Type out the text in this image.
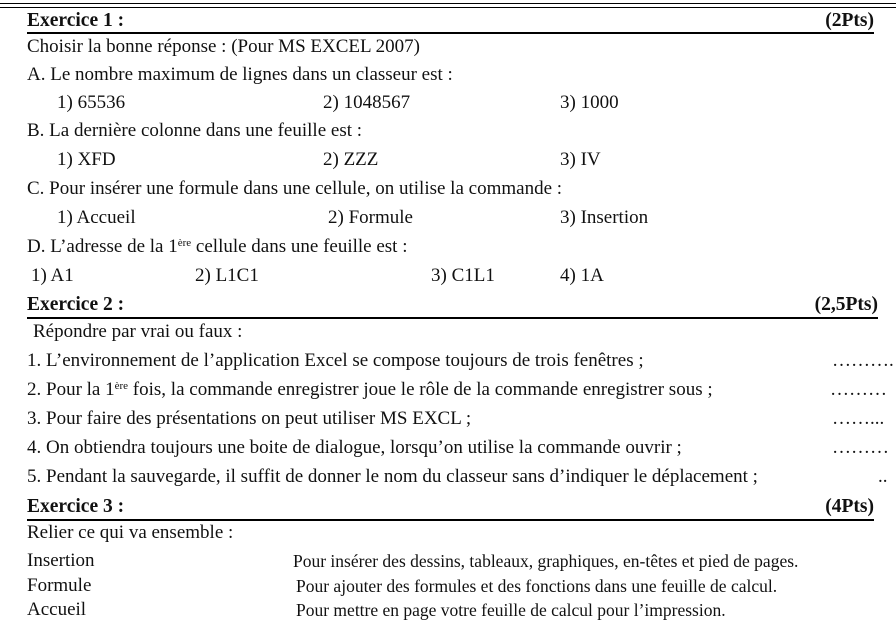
Exercice 1 :	(2Pts)
Choisir la bonne réponse : (Pour MS EXCEL 2007)
A. Le nombre maximum de lignes dans un classeur est :
1) 65536	2) 1048567	3) 1000
B. La dernière colonne dans une feuille est :
1) XFD	2) ZZZ	3) IV
C. Pour insérer une formule dans une cellule, on utilise la commande :
1) Accueil	2) Formule	3) Insertion
D. L’adresse de la 1ère cellule dans une feuille est :
1) A1	2) L1C1	3) C1L1	4) 1A
Exercice 2 :	(2,5Pts)
Répondre par vrai ou faux :
1. L’environnement de l’application Excel se compose toujours de trois fenêtres ;	……….
2. Pour la 1ère fois, la commande enregistrer joue le rôle de la commande enregistrer sous ;	………
3. Pour faire des présentations on peut utiliser MS EXCL ;	……...
4. On obtiendra toujours une boite de dialogue, lorsqu’on utilise la commande ouvrir ;	………
5. Pendant la sauvegarde, il suffit de donner le nom du classeur sans d’indiquer le déplacement ;	..
Exercice 3 :	(4Pts)
Relier ce qui va ensemble :
Insertion	Pour insérer des dessins, tableaux, graphiques, en-têtes et pied de pages.
Formule	Pour ajouter des formules et des fonctions dans une feuille de calcul.
Accueil	Pour mettre en page votre feuille de calcul pour l’impression.
